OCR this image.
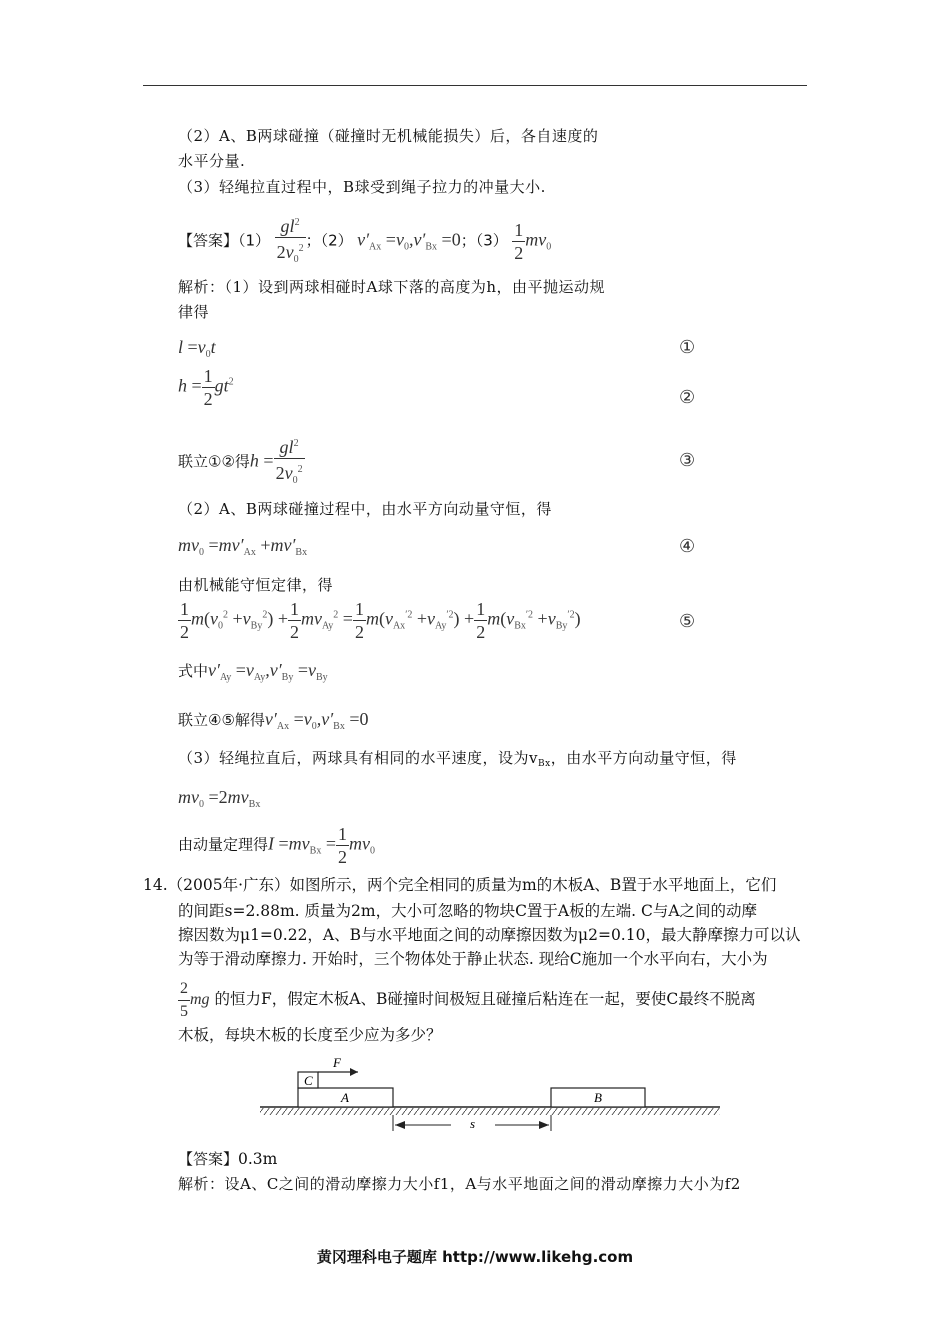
（2）A、B两球碰撞（碰撞时无机械能损失）后，各自速度的
水平分量.
（3）轻绳拉直过程中，B球受到绳子拉力的冲量大小.
【答案】$(1) \frac{gl^2}{2v_0^2}$ ；（2） $v'_{Ax} =v_0,v'_{Bx} =0$；$(3) \frac{1}{2} mv_0$
解析：（1）设到两球相碰时A球下落的高度为h，由平抛运动规
律得
$l =v_0t$	①
$h = \frac{1}{2} gt^2$
②
联立①②得$h = \frac{gl^2}{2v_0^2}$	③
（2）A、B两球碰撞过程中，由水平方向动量守恒，得
$mv_0 =mv'_{Ax} +mv'_{Bx}$	④
由机械能守恒定律，得
$\frac{1}{2} m(v_0^2 +v_{By}^2) + \frac{1}{2} mv_{Ay}^2 = \frac{1}{2} m(v_{Ax}^{'2} +v_{Ay}^{'2}) + \frac{1}{2} m(v_{Bx}^{'2} +v_{By}^{'2})$	⑤
式中$v'_{Ay} =v_{Ay},v'_{By} =v_{By}$
联立④⑤解得$v'_{Ax} =v_0,v'_{Bx} =0$
（3）轻绳拉直后，两球具有相同的水平速度，设为$v_{Bx}$，由水平方向动量守恒，得
$mv_0 =2mv_{Bx}$
由动量定理得$I =mv_{Bx} = \frac{1}{2} mv_0$
14.（2005年·广东）如图所示，两个完全相同的质量为m的木板A、B置于水平地面上，它们
的间距s=2.88m. 质量为2m，大小可忽略的物块C置于A板的左端. C与A之间的动摩
擦因数为μ1=0.22，A、B与水平地面之间的动摩擦因数为μ2=0.10，最大静摩擦力可以认
为等于滑动摩擦力. 开始时，三个物体处于静止状态. 现给C施加一个水平向右，大小为
$\frac{2}{5}$ mg 的恒力F，假定木板A、B碰撞时间极短且碰撞后粘连在一起，要使C最终不脱离
木板，每块木板的长度至少应为多少？
C
F
A	B
s
【答案】0.3m
解析：设A、C之间的滑动摩擦力大小f1，A与水平地面之间的滑动摩擦力大小为f2
黄冈理科电子题库 http://www.likehg.com
